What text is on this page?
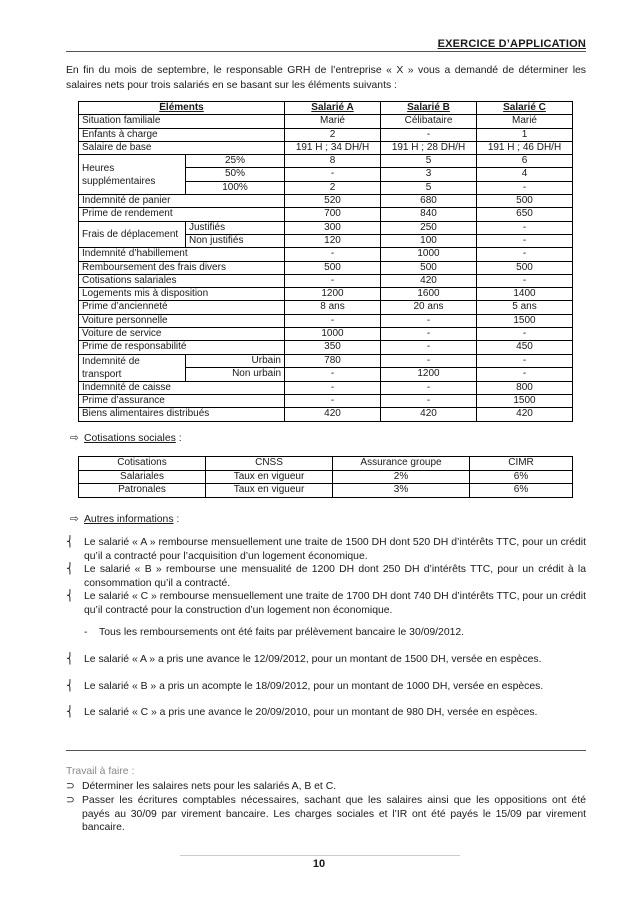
EXERCICE D’APPLICATION
En fin du mois de septembre, le responsable GRH de l’entreprise « X » vous a demandé de déterminer les salaires nets pour trois salariés en se basant sur les éléments suivants :
Éléments		Salarié A	Salarié B	Salarié C
Situation familiale		Marié	Célibataire	Marié
Enfants à charge		2	-	1
Salaire de base		191 H ; 34 DH/H	191 H ; 28 DH/H	191 H ; 46 DH/H
Heures supplémentaires	25%	8	5	6
	50%	-	3	4
	100%	2	5	-
Indemnité de panier		520	680	500
Prime de rendement		700	840	650
Frais de déplacement	Justifiés	300	250	-
	Non justifiés	120	100	-
Indemnité d’habillement		-	1000	-
Remboursement des frais divers		500	500	500
Cotisations salariales		-	420	-
Logements mis à disposition		1200	1600	1400
Prime d’ancienneté		8 ans	20 ans	5 ans
Voiture personnelle		-	-	1500
Voiture de service		1000	-	-
Prime de responsabilité		350	-	450
Indemnité de transport	Urbain	780	-	-
	Non urbain	-	1200	-
Indemnité de caisse		-	-	800
Prime d’assurance		-	-	1500
Biens alimentaires distribués		420	420	420
⇨ Cotisations sociales :
Cotisations	CNSS	Assurance groupe	CIMR
Salariales	Taux en vigueur	2%	6%
Patronales	Taux en vigueur	3%	6%
⇨ Autres informations :
⎨ Le salarié « A » rembourse mensuellement une traite de 1500 DH dont 520 DH d’intérêts TTC, pour un crédit qu’il a contracté pour l’acquisition d’un logement économique.
⎨ Le salarié « B » rembourse une mensualité de 1200 DH dont 250 DH d’intérêts TTC, pour un crédit à la consommation qu’il a contracté.
⎨ Le salarié « C » rembourse mensuellement une traite de 1700 DH dont 740 DH d’intérêts TTC, pour un crédit qu’il contracté pour la construction d’un logement non économique.
-    Tous les remboursements ont été faits par prélèvement bancaire le 30/09/2012.
⎨ Le salarié « A » a pris une avance le 12/09/2012, pour un montant de 1500 DH, versée en espèces.
⎨ Le salarié « B » a pris un acompte le 18/09/2012, pour un montant de 1000 DH, versée en espèces.
⎨ Le salarié « C » a pris une avance le 20/09/2010, pour un montant de 980 DH, versée en espèces.
Travail à faire :
⊃ Déterminer les salaires nets pour les salariés A, B et C.
⊃ Passer les écritures comptables nécessaires, sachant que les salaires ainsi que les oppositions ont été payés au 30/09 par virement bancaire. Les charges sociales et l’IR ont été payés le 15/09 par virement bancaire.
10
